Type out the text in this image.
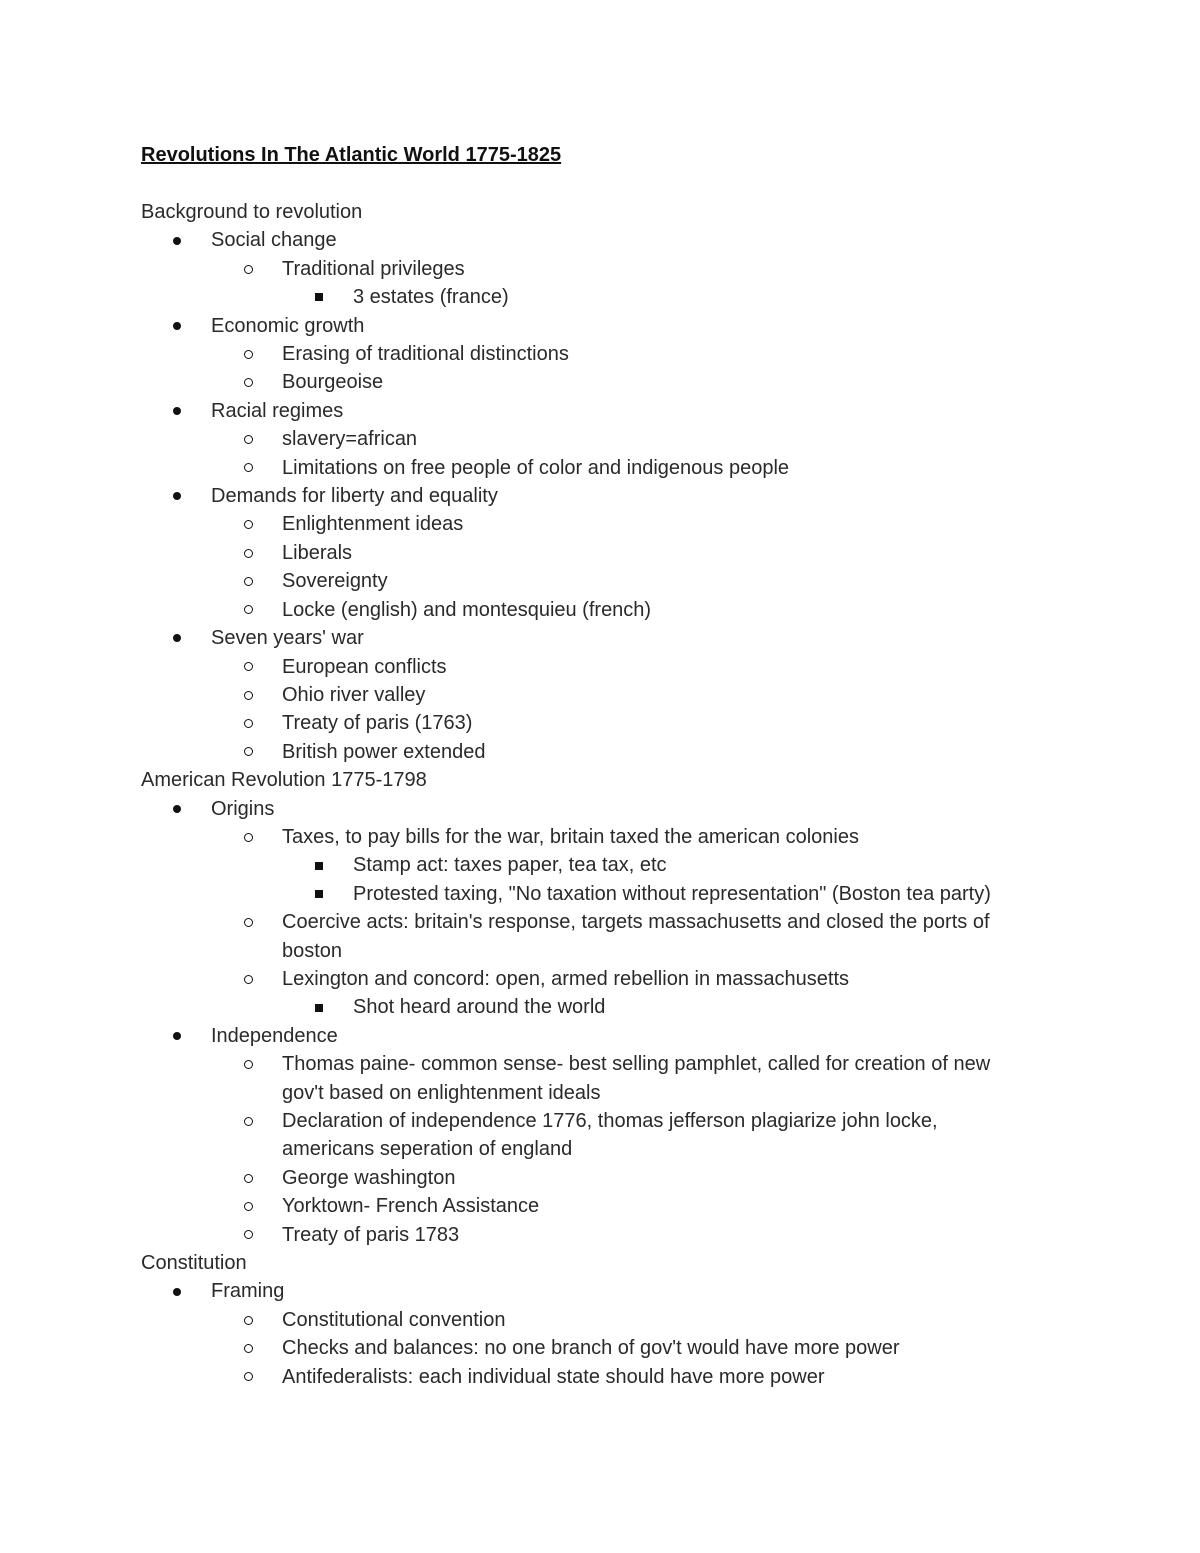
Revolutions In The Atlantic World 1775-1825
Background to revolution
Social change
Traditional privileges
3 estates (france)
Economic growth
Erasing of traditional distinctions
Bourgeoise
Racial regimes
slavery=african
Limitations on free people of color and indigenous people
Demands for liberty and equality
Enlightenment ideas
Liberals
Sovereignty
Locke (english) and montesquieu (french)
Seven years' war
European conflicts
Ohio river valley
Treaty of paris (1763)
British power extended
American Revolution 1775-1798
Origins
Taxes, to pay bills for the war, britain taxed the american colonies
Stamp act: taxes paper, tea tax, etc
Protested taxing, "No taxation without representation" (Boston tea party)
Coercive acts: britain's response, targets massachusetts and closed the ports of
boston
Lexington and concord: open, armed rebellion in massachusetts
Shot heard around the world
Independence
Thomas paine- common sense- best selling pamphlet, called for creation of new
gov't based on enlightenment ideals
Declaration of independence 1776, thomas jefferson plagiarize john locke,
americans seperation of england
George washington
Yorktown- French Assistance
Treaty of paris 1783
Constitution
Framing
Constitutional convention
Checks and balances: no one branch of gov't would have more power
Antifederalists: each individual state should have more power
